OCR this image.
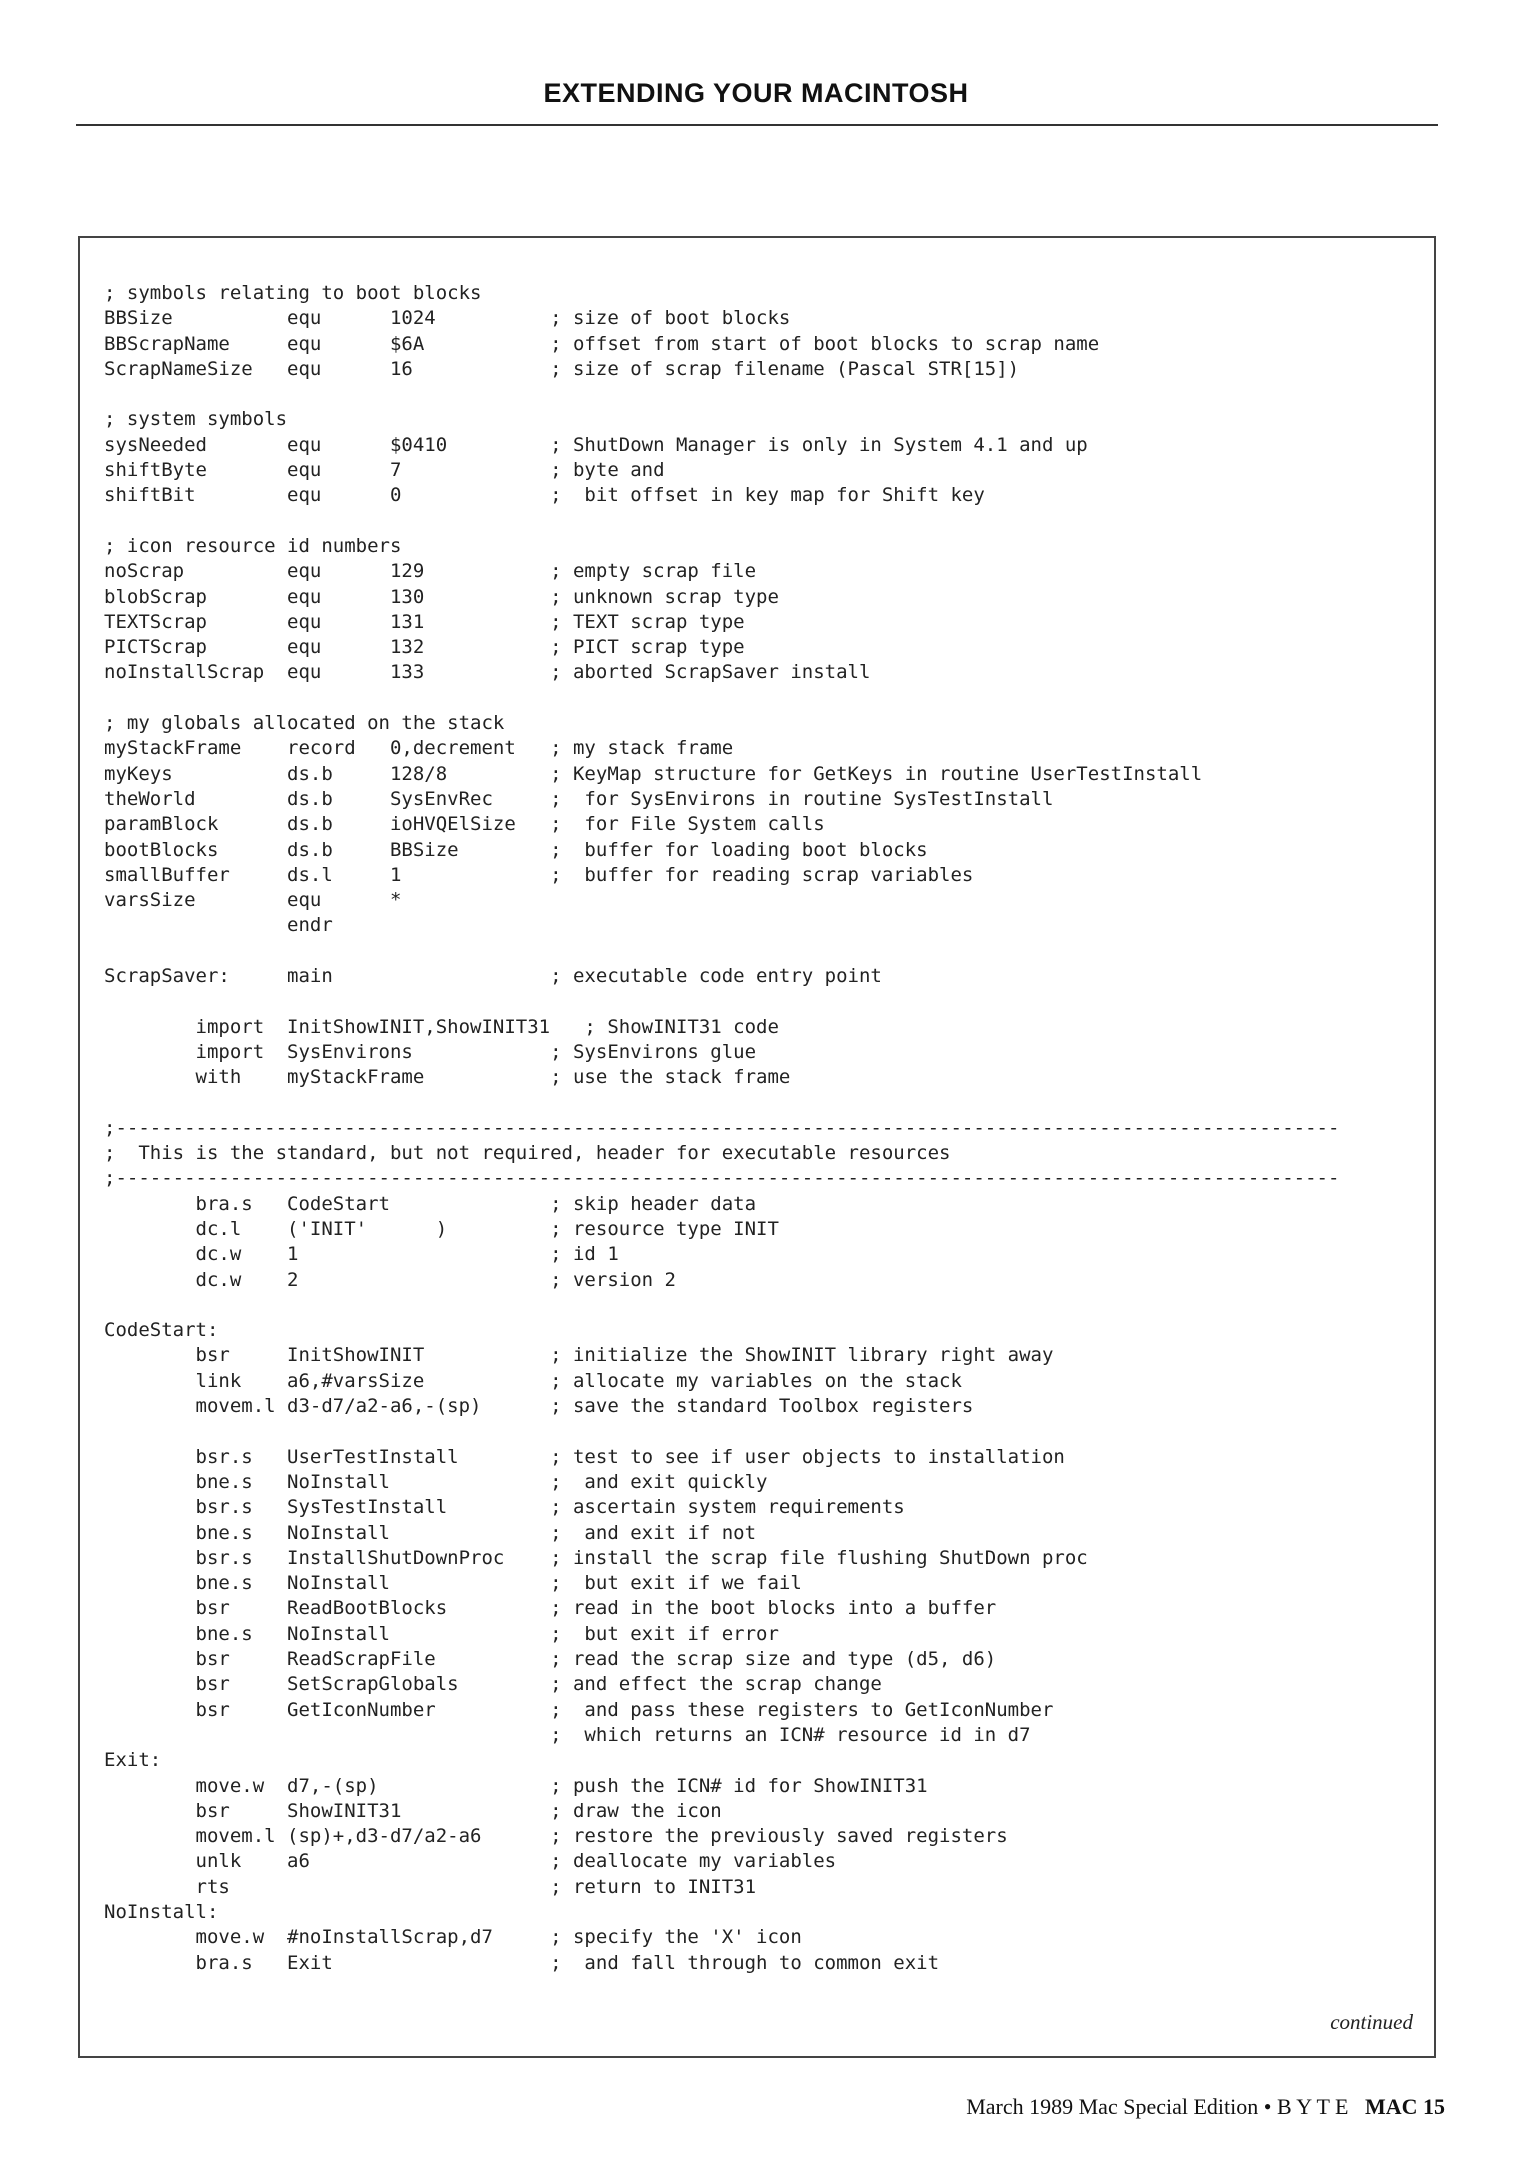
EXTENDING YOUR MACINTOSH
; symbols relating to boot blocks
BBSize          equ      1024          ; size of boot blocks
BBScrapName     equ      $6A           ; offset from start of boot blocks to scrap name
ScrapNameSize   equ      16            ; size of scrap filename (Pascal STR[15])
; system symbols
sysNeeded       equ      $0410         ; ShutDown Manager is only in System 4.1 and up
shiftByte       equ      7             ; byte and
shiftBit        equ      0             ;  bit offset in key map for Shift key
; icon resource id numbers
noScrap         equ      129           ; empty scrap file
blobScrap       equ      130           ; unknown scrap type
TEXTScrap       equ      131           ; TEXT scrap type
PICTScrap       equ      132           ; PICT scrap type
noInstallScrap  equ      133           ; aborted ScrapSaver install
; my globals allocated on the stack
myStackFrame    record   0,decrement   ; my stack frame
myKeys          ds.b     128/8         ; KeyMap structure for GetKeys in routine UserTestInstall
theWorld        ds.b     SysEnvRec     ;  for SysEnvirons in routine SysTestInstall
paramBlock      ds.b     ioHVQElSize   ;  for File System calls
bootBlocks      ds.b     BBSize        ;  buffer for loading boot blocks
smallBuffer     ds.l     1             ;  buffer for reading scrap variables
varsSize        equ      *
endr
ScrapSaver:     main                   ; executable code entry point
import  InitShowINIT,ShowINIT31   ; ShowINIT31 code
import  SysEnvirons            ; SysEnvirons glue
with    myStackFrame           ; use the stack frame
;-----------------------------------------------------------------------------------------------------------
;  This is the standard, but not required, header for executable resources
;-----------------------------------------------------------------------------------------------------------
bra.s   CodeStart              ; skip header data
dc.l    ('INIT'      )         ; resource type INIT
dc.w    1                      ; id 1
dc.w    2                      ; version 2
CodeStart:
bsr     InitShowINIT           ; initialize the ShowINIT library right away
link    a6,#varsSize           ; allocate my variables on the stack
movem.l d3-d7/a2-a6,-(sp)      ; save the standard Toolbox registers
bsr.s   UserTestInstall        ; test to see if user objects to installation
bne.s   NoInstall              ;  and exit quickly
bsr.s   SysTestInstall         ; ascertain system requirements
bne.s   NoInstall              ;  and exit if not
bsr.s   InstallShutDownProc    ; install the scrap file flushing ShutDown proc
bne.s   NoInstall              ;  but exit if we fail
bsr     ReadBootBlocks         ; read in the boot blocks into a buffer
bne.s   NoInstall              ;  but exit if error
bsr     ReadScrapFile          ; read the scrap size and type (d5, d6)
bsr     SetScrapGlobals        ; and effect the scrap change
bsr     GetIconNumber          ;  and pass these registers to GetIconNumber
;  which returns an ICN# resource id in d7
Exit:
move.w  d7,-(sp)               ; push the ICN# id for ShowINIT31
bsr     ShowINIT31             ; draw the icon
movem.l (sp)+,d3-d7/a2-a6      ; restore the previously saved registers
unlk    a6                     ; deallocate my variables
rts                            ; return to INIT31
NoInstall:
move.w  #noInstallScrap,d7     ; specify the 'X' icon
bra.s   Exit                   ;  and fall through to common exit
continued
March 1989 Mac Special Edition • B Y T E MAC 15
